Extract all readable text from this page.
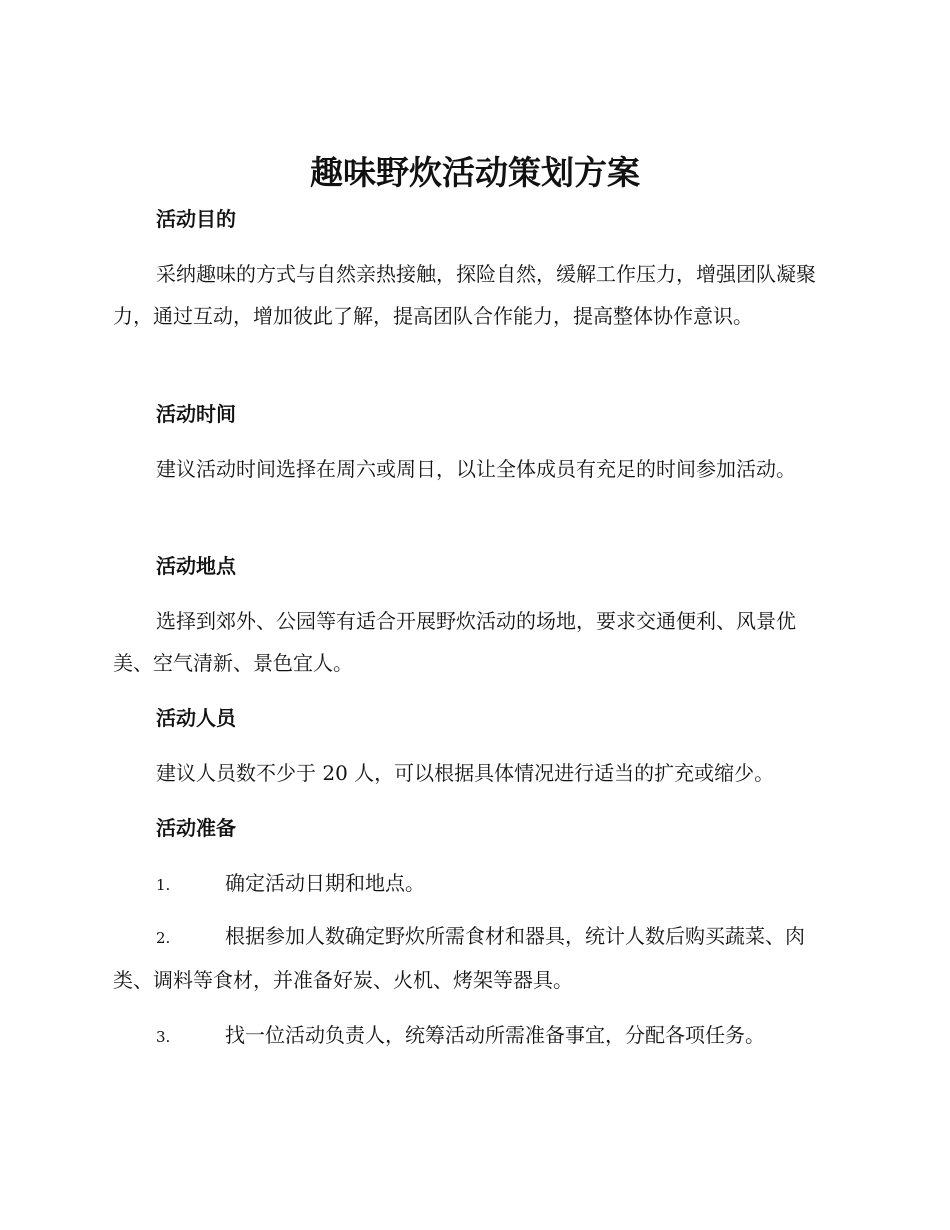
趣味野炊活动策划方案
活动目的

采纳趣味的方式与自然亲热接触，探险自然，缓解工作压力，增强团队凝聚力，通过互动，增加彼此了解，提高团队合作能力，提高整体协作意识。

活动时间

建议活动时间选择在周六或周日，以让全体成员有充足的时间参加活动。

活动地点

选择到郊外、公园等有适合开展野炊活动的场地，要求交通便利、风景优美、空气清新、景色宜人。

活动人员

建议人员数不少于 20 人，可以根据具体情况进行适当的扩充或缩少。

活动准备

1.	确定活动日期和地点。

2.	根据参加人数确定野炊所需食材和器具，统计人数后购买蔬菜、肉类、调料等食材，并准备好炭、火机、烤架等器具。

3.	找一位活动负责人，统筹活动所需准备事宜，分配各项任务。
